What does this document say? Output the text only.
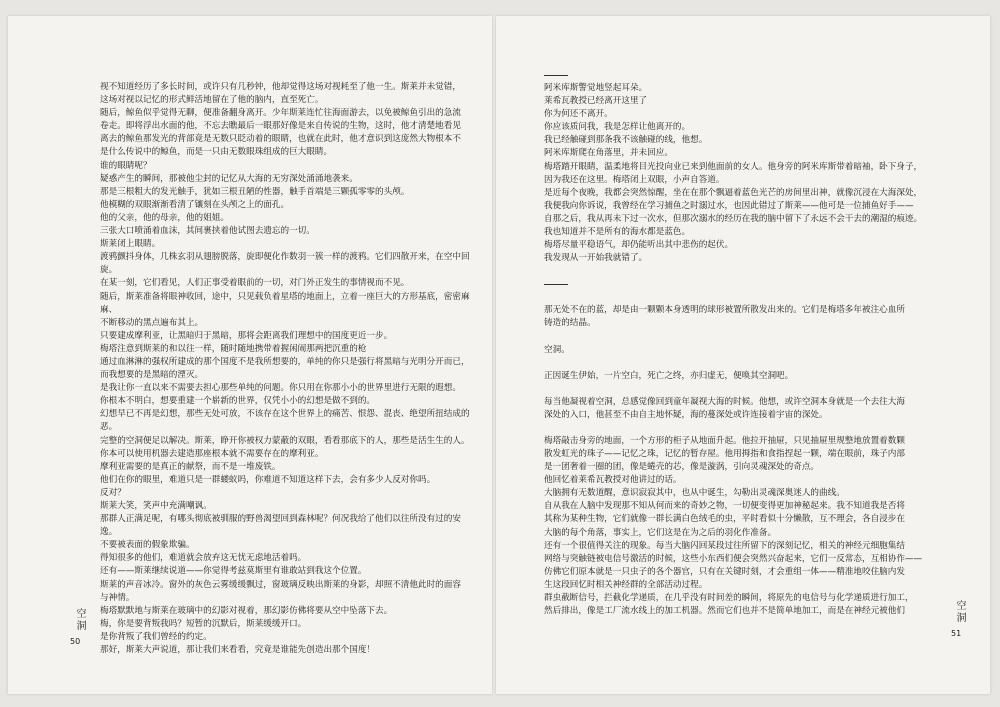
视不知道经历了多长时间，或许只有几秒钟，他却觉得这场对视耗至了他一生。斯莱并未觉错，

这场对视以记忆的形式鲜活地留在了他的脑内，直至死亡。

随后，鲸鱼似乎觉得无聊，便准备翻身离开。少年斯莱连忙往海面游去，以免被鲸鱼引出的急流

卷走。即将浮出水面的他，不忘去瞧最后一眼那好像是来自传说的生物，这时，他才清楚地看见

离去的鲸鱼那发光的背部竟是无数只眨动着的眼睛，也就在此时，他才意识到这庞然大物根本不

是什么传说中的鲸鱼，而是一只由无数眼珠组成的巨大眼睛。

谁的眼睛呢？

疑惑产生的瞬间，那被他尘封的记忆从大海的无穷深处涌涌地袭来。

那是三根粗大的发光触手，犹如三根丑陋的性器，触手首端是三颗孤零零的头颅。

他模糊的双眼渐渐看清了镶刻在头颅之上的面孔。

他的父亲，他的母亲，他的姐姐。

三张大口喷涌着血沫，其间裹挟着他试图去遗忘的一切。

斯莱闭上眼睛。

渡鸦颤抖身体，几株玄羽从翅膀脱落，旋即便化作数羽一簇一样的渡鸦。它们四散开来，在空中回旋。

在某一刻，它们看见，人们正事受着眼前的一切，对门外正发生的事情视而不见。

随后，斯莱准备将眼神收回，途中，只见载负着星塔的地面上，立着一座巨大的方形基底，密密麻麻、

不断移动的黑点遍布其上。

只要建成摩利亚，让黑暗归于黑暗，那将会距离我们理想中的国度更近一步。

梅塔注意到斯莱的和以往一样，随时随地携带着握闲闹那两把沉重的枪

通过血淋淋的强权所建成的那个国度不是我所想要的，单纯的你只是强行将黑暗与光明分开而已，

而我想要的是黑暗的湮灭。

是我让你一直以来不需要去担心那些单纯的问题。你只用在你那小小的世界里进行无限的遐想。

你根本不明白，想要重建一个崭新的世界，仅凭小小的幻想是做不到的。

幻想早已不再是幻想，那些无处可放，不该存在这个世界上的痛苦、恨怨、混丧、绝望所扭结成的恶。

完整的空洞便足以解决。斯莱，睁开你被权力蒙蔽的双眼，看看那底下的人，那些是活生生的人。

你本可以使用机器去建造那座根本就不需要存在的摩利亚。

摩利亚需要的是真正的献祭，而不是一堆废铁。

他们在你的眼里，难道只是一群蝼蚁吗，你难道不知道这样下去，会有多少人反对你吗。

反对？

斯莱大笑，笑声中充满嘲讽。

那群人正满足呢，有哪头彻底被驯服的野兽渴望回到森林呢？何况我给了他们以往所没有过的安

逸。

不要被表面的假象欺骗。

得知很多的他们，难道就会放弃这无忧无虑地活着吗。

还有——斯莱继续说道——你觉得考兹莫斯里有谁敢站到我这个位置。

斯莱的声音冰冷。窗外的灰色云雾缓缓飘过，窗玻璃反映出斯莱的身影，却照不清他此时的面容

与神情。

梅塔默默地与斯莱在玻璃中的幻影对视着，那幻影仿佛将要从空中坠落下去。

梅，你是要背叛我吗？短暂的沉默后，斯莱缓缓开口。

是你背叛了我们曾经的约定。

那好，斯莱大声说道，那让我们来看看，究竟是谁能先创造出那个国度！

空洞
50

阿米库斯警觉地竖起耳朵。

莱希瓦教授已经离开这里了

你为何还不离开。

你应该质问我，我是怎样让他离开的。

我已经触碰到那条我不该触碰的线，他想。

阿米库斯爬在角落里，并未回应。

梅塔踏开眼睛，温柔地将目光投向业已来到他面前的女人。他身旁的阿米库斯带着暗袖，卧下身子，

因为我还在这里。梅塔闭上双眼，小声自答道。

是近每个夜晚，我都会突然惊醒，坐在在那个飘逼着蓝色光芒的房间里出神，就像沉浸在大海深处，

我便我向你诉说，我曾经在学习捕鱼之时溺过水，也因此错过了斯莱——他可是一位捕鱼好手——

自那之后，我从再未下过一次水，但那次溺水的经历在我的脑中留下了永远不会干去的潮湿的痕迹。

我也知道并不是所有的海水都是蓝色。

梅塔尽量平稳语气，却仍能听出其中悲伤的起伏。

我发现从一开始我就错了。

那无处不在的蓝，却是由一颗颗本身透明的球形被置所散发出来的。它们是梅塔多年被注心血所

铸造的结晶。

空洞。

正因诞生伊始，一片空白，死亡之终，亦归虚无，便唤其空洞吧。

每当他凝视着空洞，总感觉像回到童年凝视大海的时候。他想，或许空洞本身就是一个去往大海

深处的入口，他甚至不由自主地怀疑，海的蔓深处或许连接着宇宙的深处。

梅塔敲击身旁的地面，一个方形的柜子从地面升起。他拉开抽屉，只见抽屉里规整地放置着数颗

散发虹光的珠子——记忆之珠，记忆的暂存屋。他用拇指和食指捏起一颗，端在眼前，珠子内部

是一团奢着一圈的团，像是蜷壳的芯，像是漩涡，引向灵魂深处的奇点。

他回忆着莱希瓦教授对他讲过的话。

大脑拥有无数道醒，意识寂寂其中，也从中诞生，勾勒出灵魂深奥迷人的曲线。

自从我在人脑中发现那不知从何而来的奇妙之物，一切便变得更加神秘起来。我不知道我是否将

其称为某种生物，它们就像一群长满白色绒毛的虫，平时看似十分懒散，互不理会，各自浸步在

大脑的每个角落，事实上，它们这是在为之后的羽化作准备。

还有一个很值得关注的现象。每当大脑闪回某段过往所留下的深刻记忆，相关的神经元细胞集结

网络与突触链被电信号激活的时候，这些小东西们便会突然兴奋起来，它们一反常态，互相协作——

仿佛它们原本就是一只虫子的各个器官，只有在关键时刻，才会重组一体——精准地咬住脑内发

生这段回忆时相关神经群的全部活动过程。

群虫截断信号，拦截化学递质，在几乎没有时间差的瞬间，将原先的电信号与化学递质进行加工，

然后排出，像是工厂流水线上的加工机器。然而它们也并不是简单地加工，而是在神经元被他们	空洞
51
